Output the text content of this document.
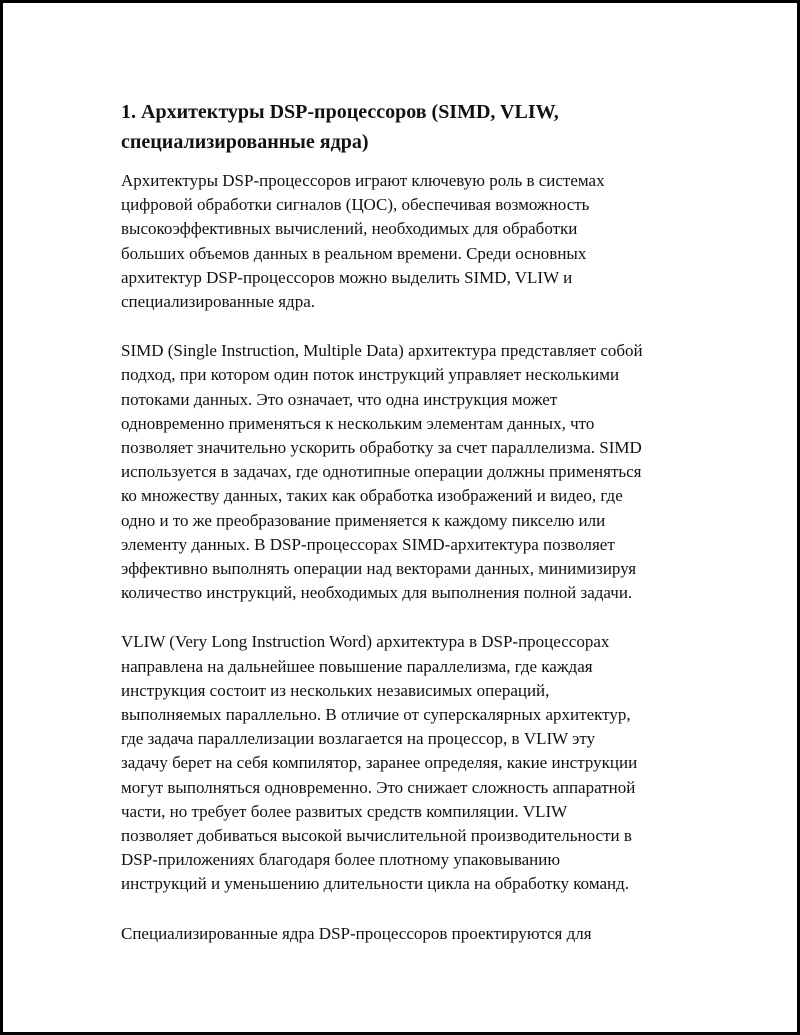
1. Архитектуры DSP-процессоров (SIMD, VLIW,
специализированные ядра)

Архитектуры DSP-процессоров играют ключевую роль в системах
цифровой обработки сигналов (ЦОС), обеспечивая возможность
высокоэффективных вычислений, необходимых для обработки
больших объемов данных в реальном времени. Среди основных
архитектур DSP-процессоров можно выделить SIMD, VLIW и
специализированные ядра.

SIMD (Single Instruction, Multiple Data) архитектура представляет собой
подход, при котором один поток инструкций управляет несколькими
потоками данных. Это означает, что одна инструкция может
одновременно применяться к нескольким элементам данных, что
позволяет значительно ускорить обработку за счет параллелизма. SIMD
используется в задачах, где однотипные операции должны применяться
ко множеству данных, таких как обработка изображений и видео, где
одно и то же преобразование применяется к каждому пикселю или
элементу данных. В DSP-процессорах SIMD-архитектура позволяет
эффективно выполнять операции над векторами данных, минимизируя
количество инструкций, необходимых для выполнения полной задачи.

VLIW (Very Long Instruction Word) архитектура в DSP-процессорах
направлена на дальнейшее повышение параллелизма, где каждая
инструкция состоит из нескольких независимых операций,
выполняемых параллельно. В отличие от суперскалярных архитектур,
где задача параллелизации возлагается на процессор, в VLIW эту
задачу берет на себя компилятор, заранее определяя, какие инструкции
могут выполняться одновременно. Это снижает сложность аппаратной
части, но требует более развитых средств компиляции. VLIW
позволяет добиваться высокой вычислительной производительности в
DSP-приложениях благодаря более плотному упаковыванию
инструкций и уменьшению длительности цикла на обработку команд.

Специализированные ядра DSP-процессоров проектируются для
